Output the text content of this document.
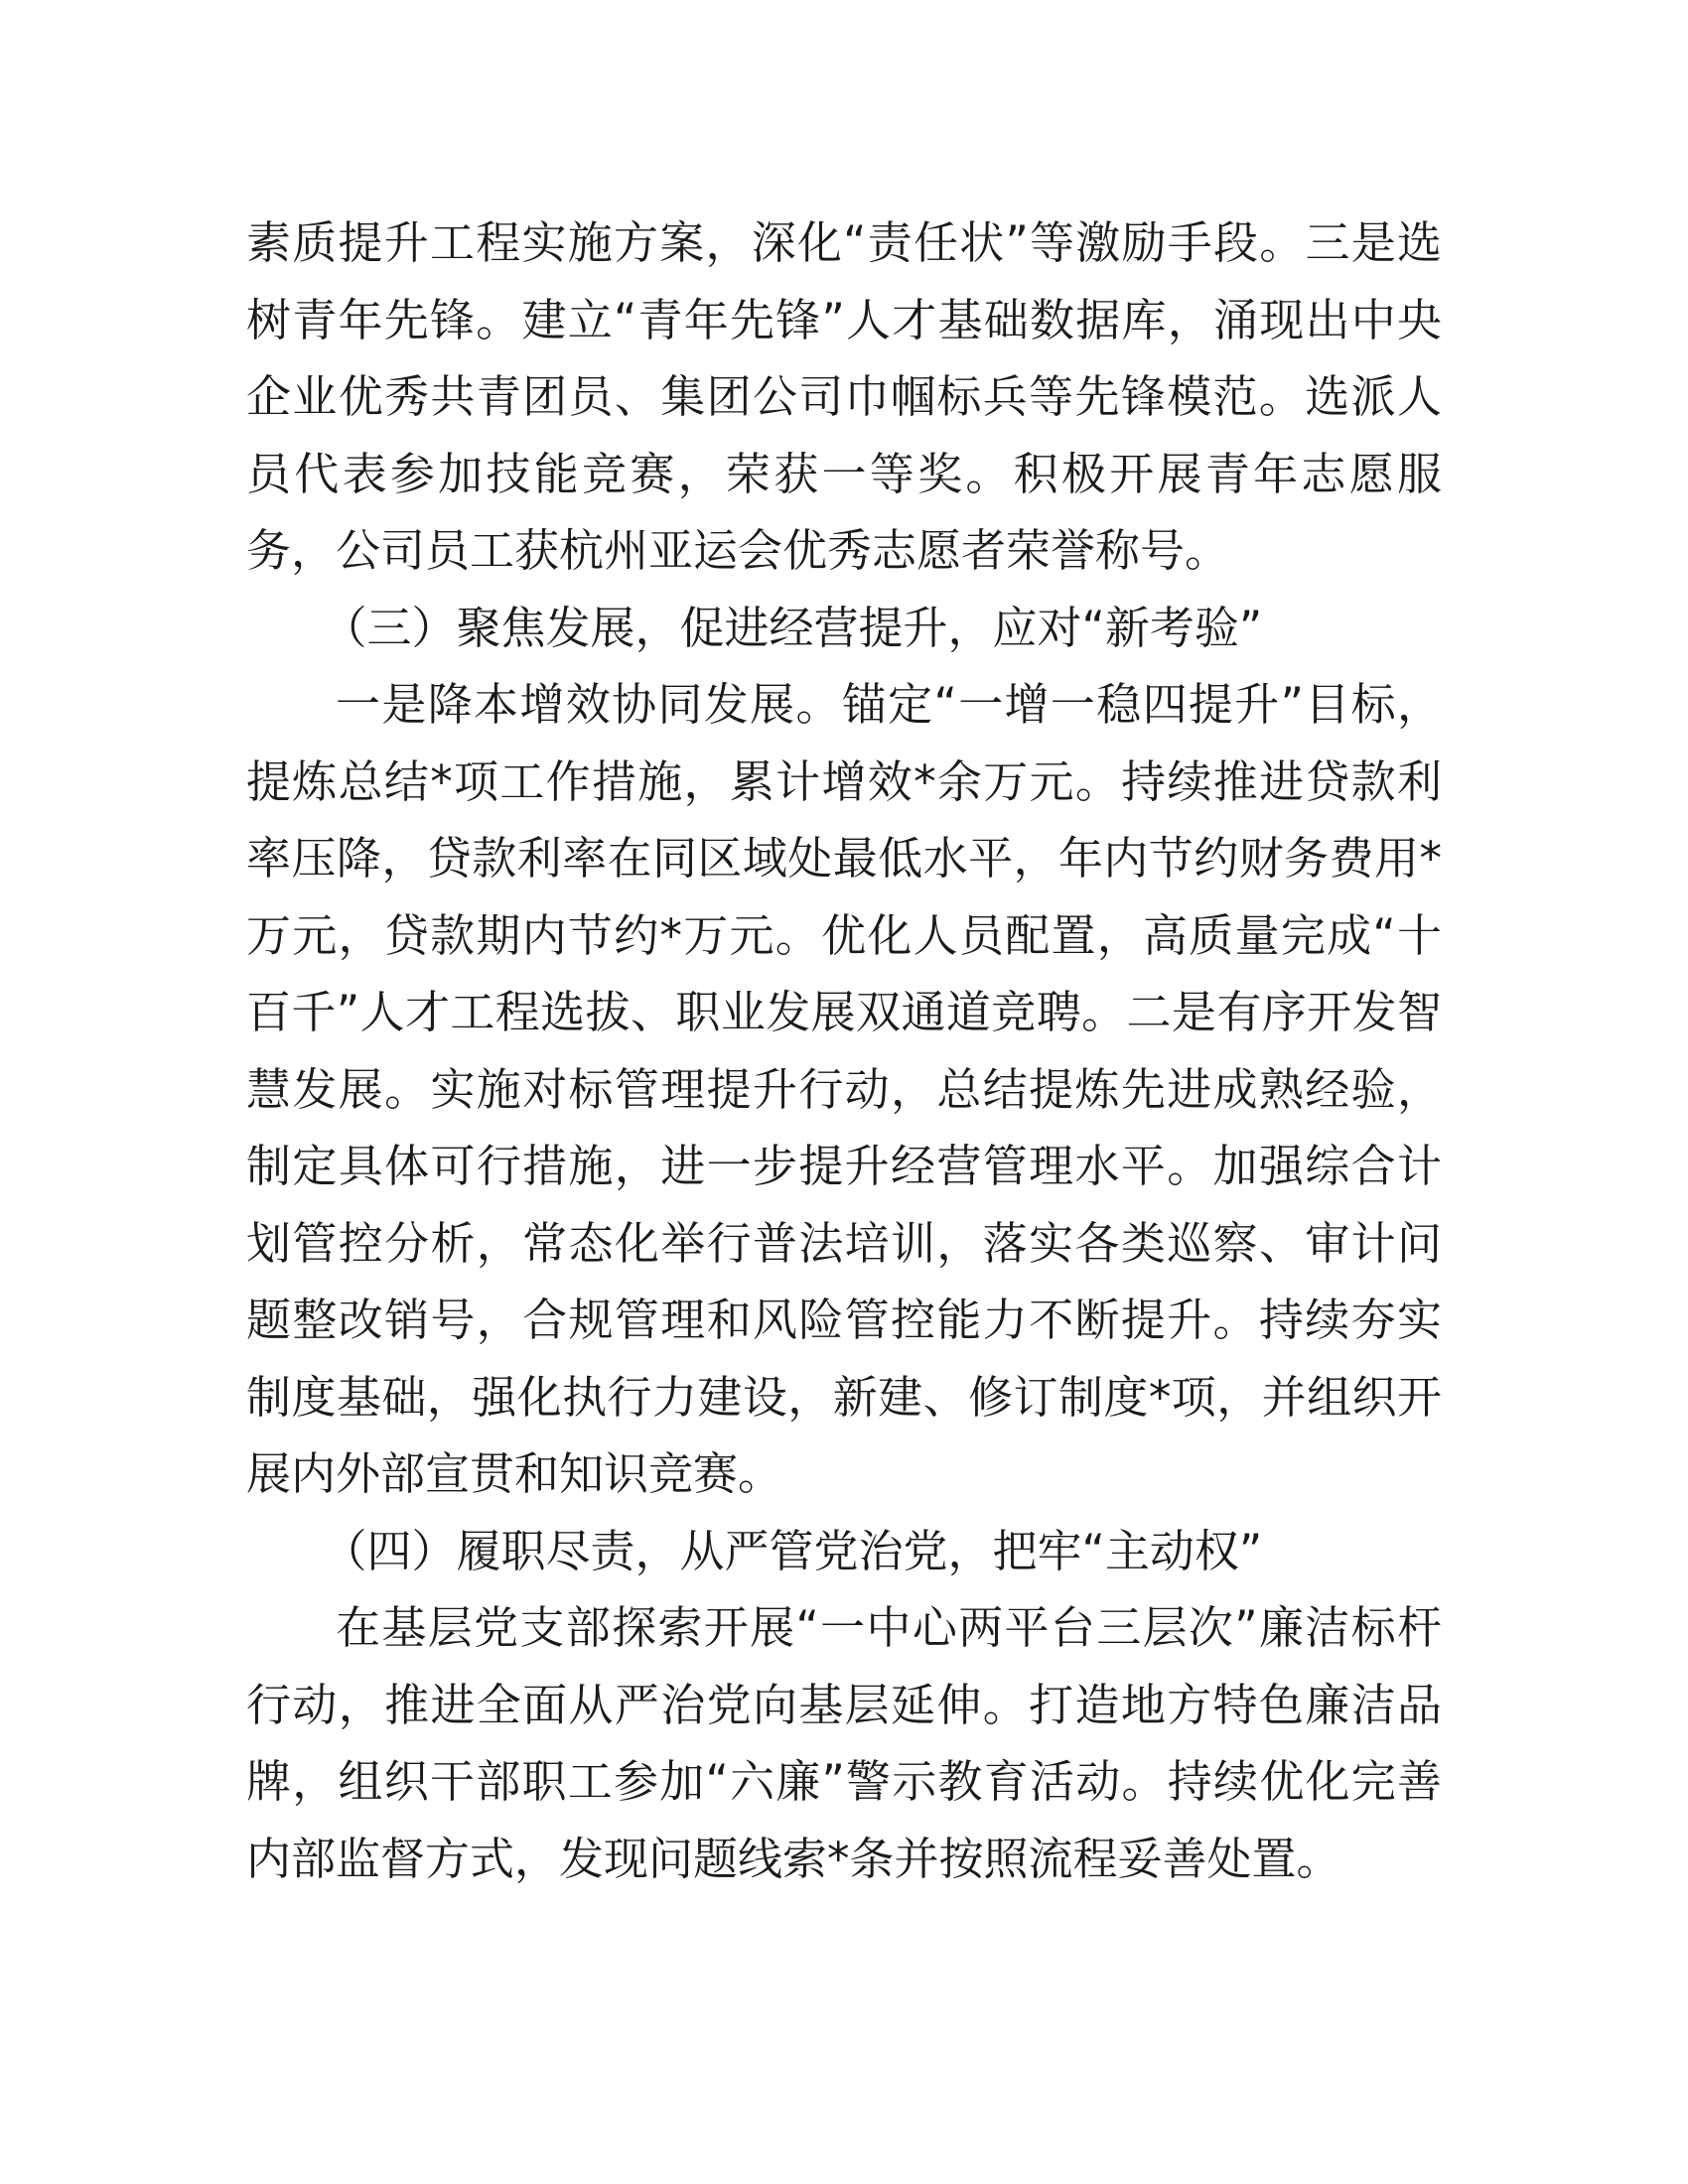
素质提升工程实施方案，深化“责任状”等激励手段。三是选树青年先锋。建立“青年先锋”人才基础数据库，涌现出中央企业优秀共青团员、集团公司巾帼标兵等先锋模范。选派人员代表参加技能竞赛，荣获一等奖。积极开展青年志愿服务，公司员工获杭州亚运会优秀志愿者荣誉称号。

（三）聚焦发展，促进经营提升，应对“新考验”

一是降本增效协同发展。锚定“一增一稳四提升”目标，提炼总结*项工作措施，累计增效*余万元。持续推进贷款利率压降，贷款利率在同区域处最低水平，年内节约财务费用*万元，贷款期内节约*万元。优化人员配置，高质量完成“十百千”人才工程选拔、职业发展双通道竞聘。二是有序开发智慧发展。实施对标管理提升行动，总结提炼先进成熟经验，制定具体可行措施，进一步提升经营管理水平。加强综合计划管控分析，常态化举行普法培训，落实各类巡察、审计问题整改销号，合规管理和风险管控能力不断提升。持续夯实制度基础，强化执行力建设，新建、修订制度*项，并组织开展内外部宣贯和知识竞赛。

（四）履职尽责，从严管党治党，把牢“主动权”

在基层党支部探索开展“一中心两平台三层次”廉洁标杆行动，推进全面从严治党向基层延伸。打造地方特色廉洁品牌，组织干部职工参加“六廉”警示教育活动。持续优化完善内部监督方式，发现问题线索*条并按照流程妥善处置。
